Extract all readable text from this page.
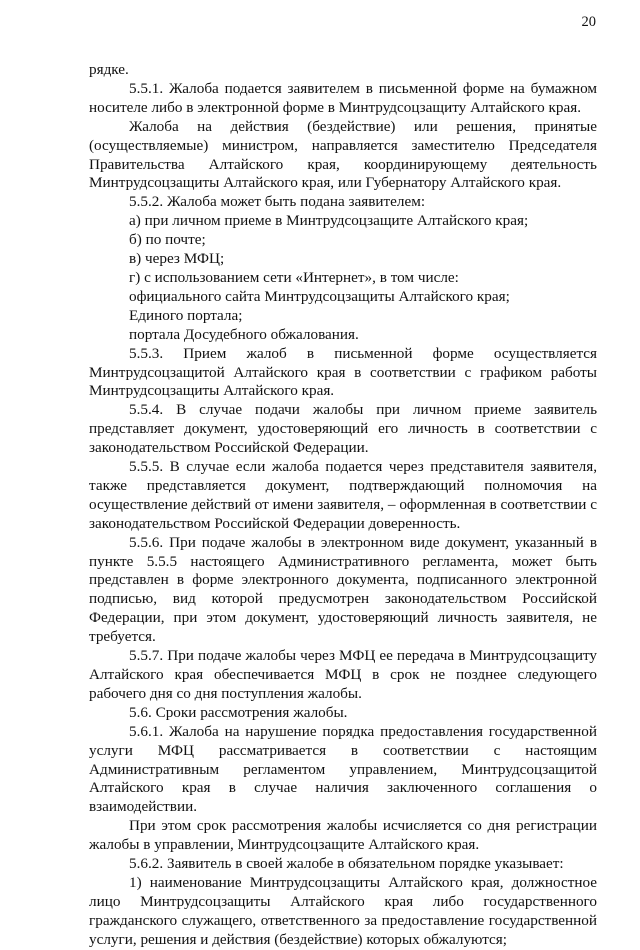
20

рядке.

5.5.1. Жалоба подается заявителем в письменной форме на бумажном носителе либо в электронной форме в Минтрудсоцзащиту Алтайского края.

Жалоба на действия (бездействие) или решения, принятые (осуществляемые) министром, направляется заместителю Председателя Правительства Алтайского края, координирующему деятельность Минтрудсоцзащиты Алтайского края, или Губернатору Алтайского края.

5.5.2. Жалоба может быть подана заявителем:

а) при личном приеме в Минтрудсоцзащите Алтайского края;

б) по почте;

в) через МФЦ;

г) с использованием сети «Интернет», в том числе:

официального сайта Минтрудсоцзащиты Алтайского края;

Единого портала;

портала Досудебного обжалования.

5.5.3. Прием жалоб в письменной форме осуществляется Минтрудсоцзащитой Алтайского края в соответствии с графиком работы Минтрудсоцзащиты Алтайского края.

5.5.4. В случае подачи жалобы при личном приеме заявитель представляет документ, удостоверяющий его личность в соответствии с законодательством Российской Федерации.

5.5.5. В случае если жалоба подается через представителя заявителя, также представляется документ, подтверждающий полномочия на осуществление действий от имени заявителя, – оформленная в соответствии с законодательством Российской Федерации доверенность.

5.5.6. При подаче жалобы в электронном виде документ, указанный в пункте 5.5.5 настоящего Административного регламента, может быть представлен в форме электронного документа, подписанного электронной подписью, вид которой предусмотрен законодательством Российской Федерации, при этом документ, удостоверяющий личность заявителя, не требуется.

5.5.7. При подаче жалобы через МФЦ ее передача в Минтрудсоцзащиту Алтайского края обеспечивается МФЦ в срок не позднее следующего рабочего дня со дня поступления жалобы.

5.6. Сроки рассмотрения жалобы.

5.6.1. Жалоба на нарушение порядка предоставления государственной услуги МФЦ рассматривается в соответствии с настоящим Административным регламентом управлением, Минтрудсоцзащитой Алтайского края в случае наличия заключенного соглашения о взаимодействии.

При этом срок рассмотрения жалобы исчисляется со дня регистрации жалобы в управлении, Минтрудсоцзащите Алтайского края.

5.6.2. Заявитель в своей жалобе в обязательном порядке указывает:

1) наименование Минтрудсоцзащиты Алтайского края, должностное лицо Минтрудсоцзащиты Алтайского края либо государственного гражданского служащего, ответственного за предоставление государственной услуги, решения и действия (бездействие) которых обжалуются;
